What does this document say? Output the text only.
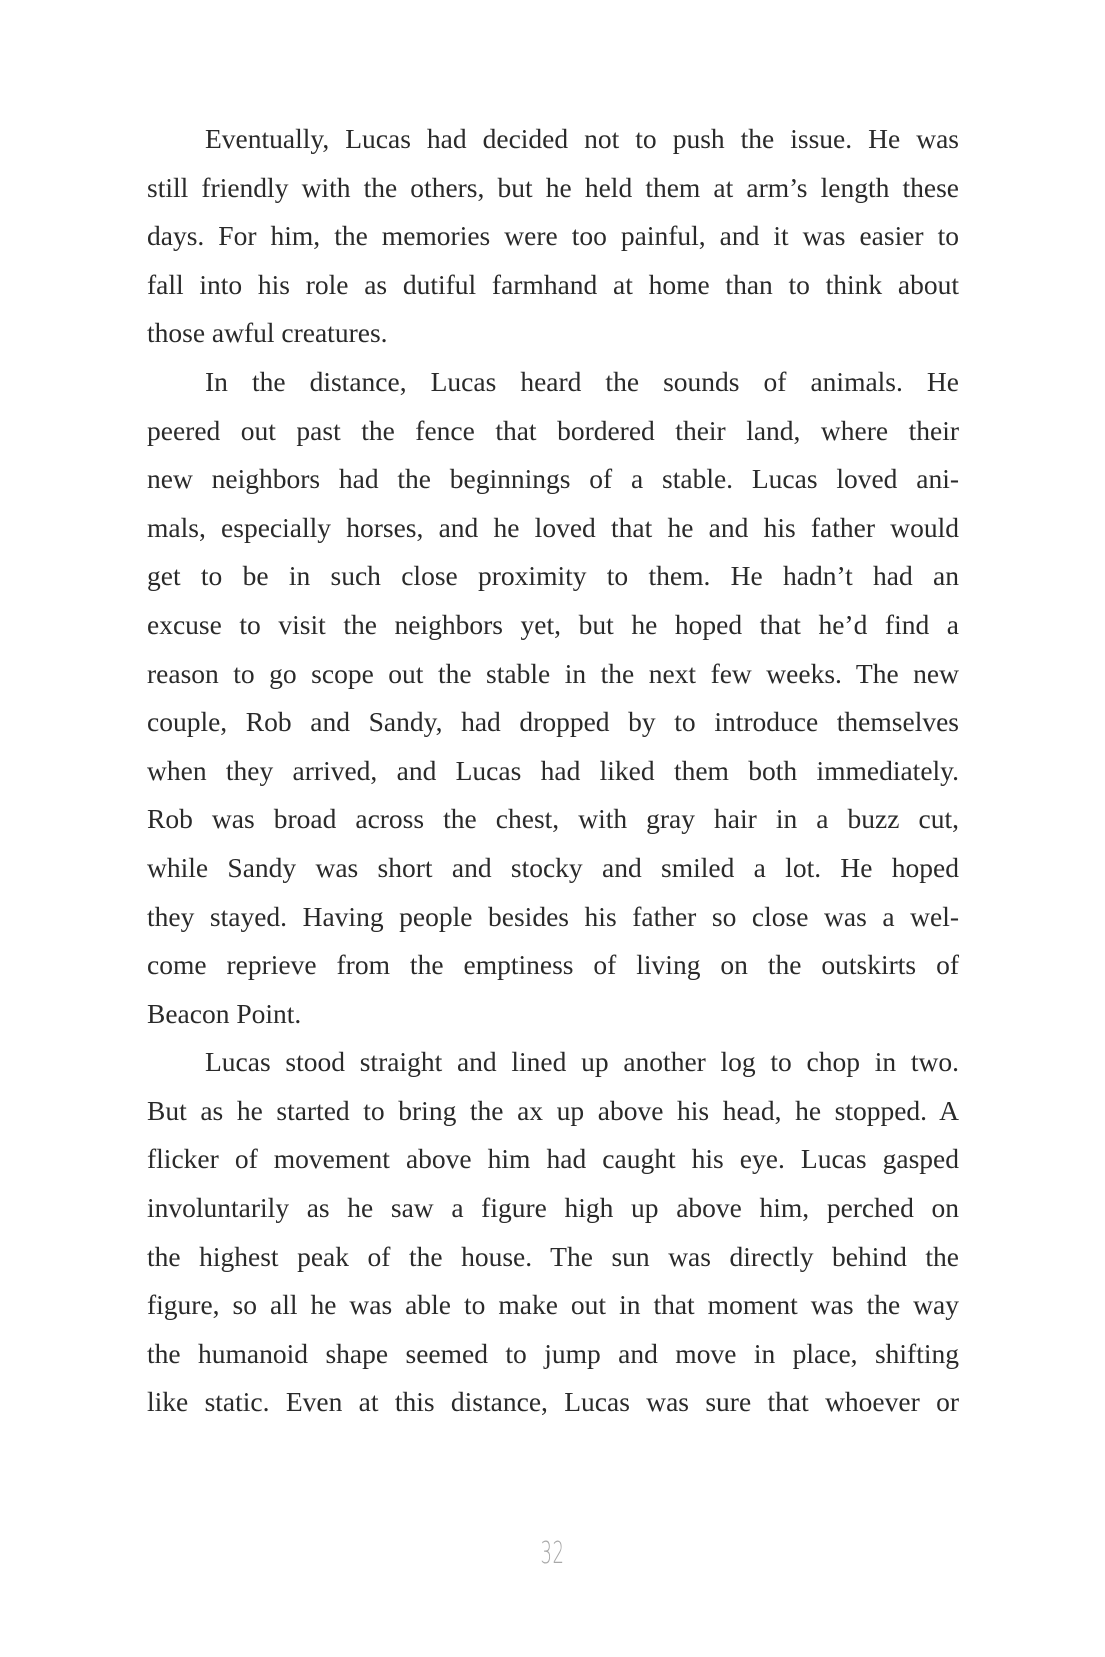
Eventually, Lucas had decided not to push the issue. He was
still friendly with the others, but he held them at arm’s length these
days. For him, the memories were too painful, and it was easier to
fall into his role as dutiful farmhand at home than to think about
those awful creatures.
In the distance, Lucas heard the sounds of animals. He
peered out past the fence that bordered their land, where their
new neighbors had the beginnings of a stable. Lucas loved ani-
mals, especially horses, and he loved that he and his father would
get to be in such close proximity to them. He hadn’t had an
excuse to visit the neighbors yet, but he hoped that he’d find a
reason to go scope out the stable in the next few weeks. The new
couple, Rob and Sandy, had dropped by to introduce themselves
when they arrived, and Lucas had liked them both immediately.
Rob was broad across the chest, with gray hair in a buzz cut,
while Sandy was short and stocky and smiled a lot. He hoped
they stayed. Having people besides his father so close was a wel-
come reprieve from the emptiness of living on the outskirts of
Beacon Point.
Lucas stood straight and lined up another log to chop in two.
But as he started to bring the ax up above his head, he stopped. A
flicker of movement above him had caught his eye. Lucas gasped
involuntarily as he saw a figure high up above him, perched on
the highest peak of the house. The sun was directly behind the
figure, so all he was able to make out in that moment was the way
the humanoid shape seemed to jump and move in place, shifting
like static. Even at this distance, Lucas was sure that whoever or
32
